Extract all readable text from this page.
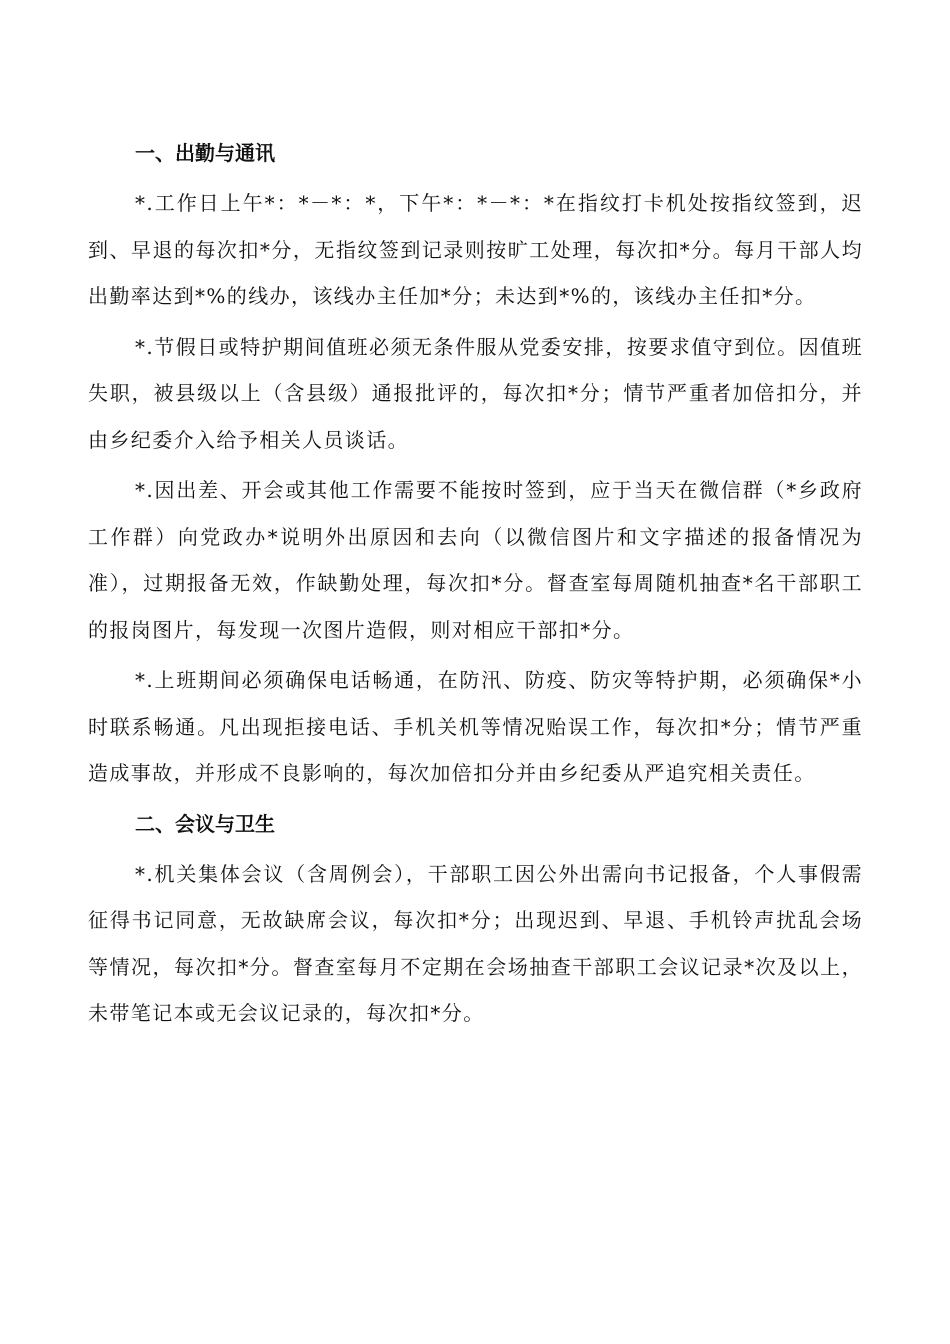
一、出勤与通讯

*.工作日上午*：*－*：*，下午*：*－*：*在指纹打卡机处按指纹签到，迟到、早退的每次扣*分，无指纹签到记录则按旷工处理，每次扣*分。每月干部人均出勤率达到*%的线办，该线办主任加*分；未达到*%的，该线办主任扣*分。

*.节假日或特护期间值班必须无条件服从党委安排，按要求值守到位。因值班失职，被县级以上（含县级）通报批评的，每次扣*分；情节严重者加倍扣分，并由乡纪委介入给予相关人员谈话。

*.因出差、开会或其他工作需要不能按时签到，应于当天在微信群（*乡政府工作群）向党政办*说明外出原因和去向（以微信图片和文字描述的报备情况为准），过期报备无效，作缺勤处理，每次扣*分。督查室每周随机抽查*名干部职工的报岗图片，每发现一次图片造假，则对相应干部扣*分。

*.上班期间必须确保电话畅通，在防汛、防疫、防灾等特护期，必须确保*小时联系畅通。凡出现拒接电话、手机关机等情况贻误工作，每次扣*分；情节严重造成事故，并形成不良影响的，每次加倍扣分并由乡纪委从严追究相关责任。

二、会议与卫生

*.机关集体会议（含周例会），干部职工因公外出需向书记报备，个人事假需征得书记同意，无故缺席会议，每次扣*分；出现迟到、早退、手机铃声扰乱会场等情况，每次扣*分。督查室每月不定期在会场抽查干部职工会议记录*次及以上，未带笔记本或无会议记录的，每次扣*分。
